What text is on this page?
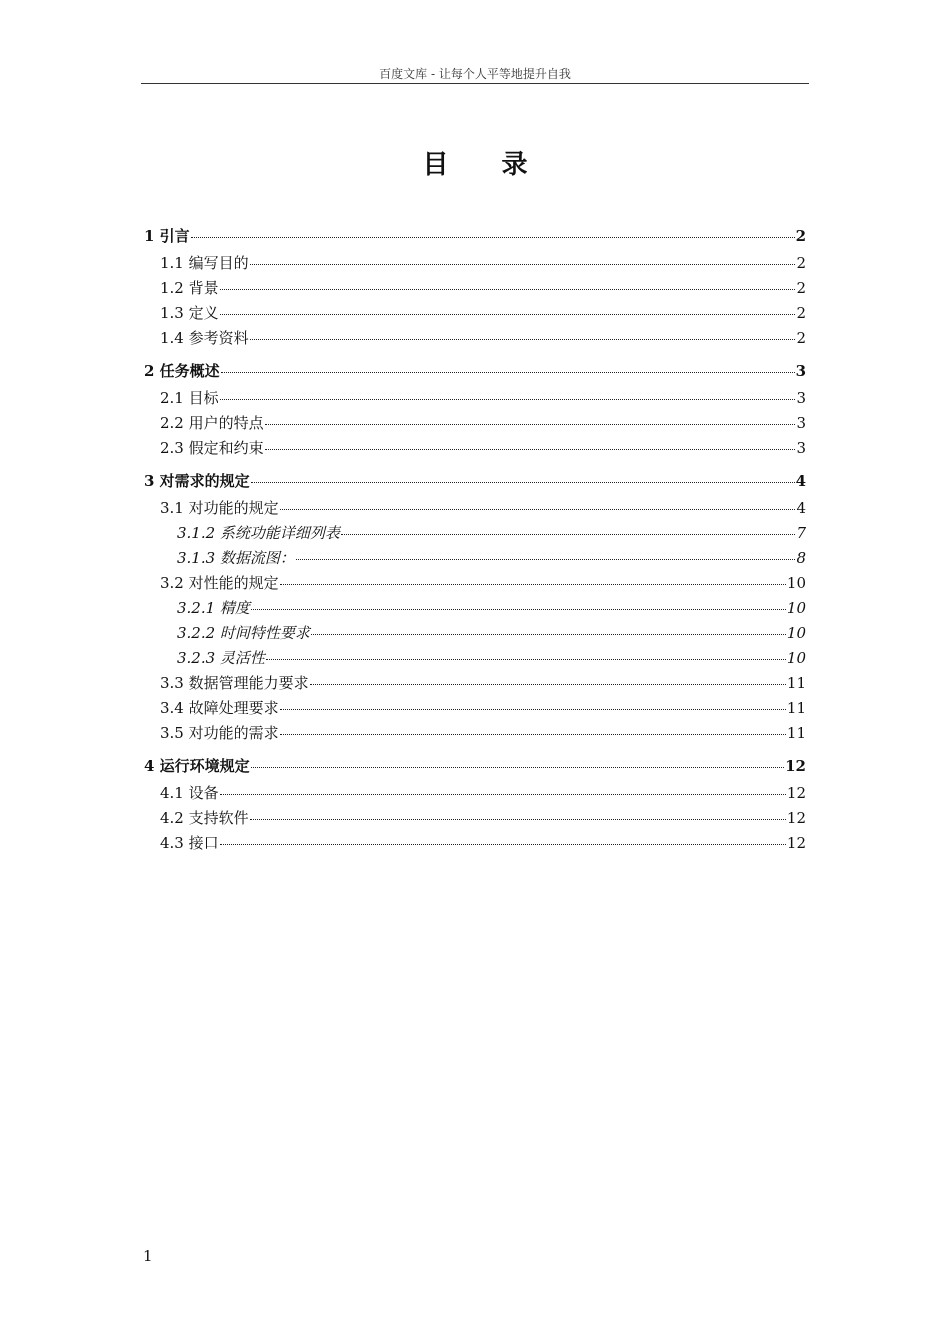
百度文库 - 让每个人平等地提升自我
目 录
1 引言	2
1.1 编写目的	2
1.2 背景	2
1.3 定义	2
1.4 参考资料	2
2 任务概述	3
2.1 目标	3
2.2 用户的特点	3
2.3 假定和约束	3
3 对需求的规定	4
3.1 对功能的规定	4
3.1.2 系统功能详细列表	7
3.1.3 数据流图：	8
3.2 对性能的规定	10
3.2.1 精度	10
3.2.2 时间特性要求	10
3.2.3 灵活性	10
3.3 数据管理能力要求	11
3.4 故障处理要求	11
3.5 对功能的需求	11
4 运行环境规定	12
4.1 设备	12
4.2 支持软件	12
4.3 接口	12
1
